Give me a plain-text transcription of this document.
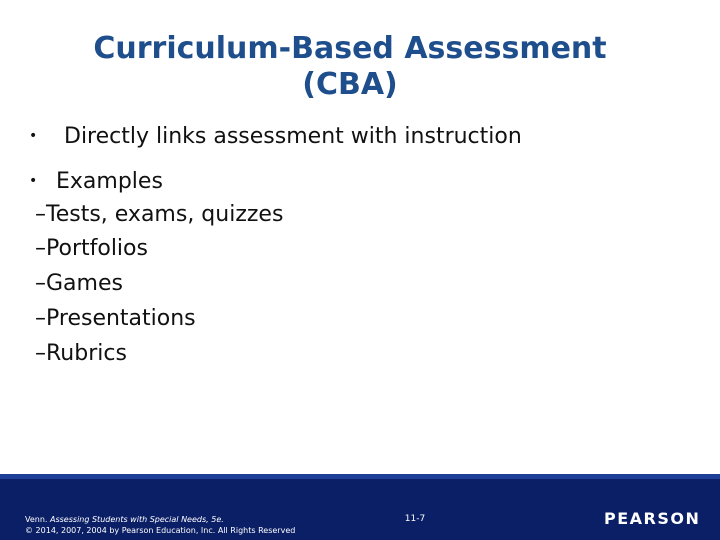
Curriculum-Based Assessment
(CBA)
• Directly links assessment with instruction
• Examples
–Tests, exams, quizzes
–Portfolios
–Games
–Presentations
–Rubrics
Venn. Assessing Students with Special Needs, 5e.
© 2014, 2007, 2004 by Pearson Education, Inc. All Rights Reserved
11-7	PEARSON
